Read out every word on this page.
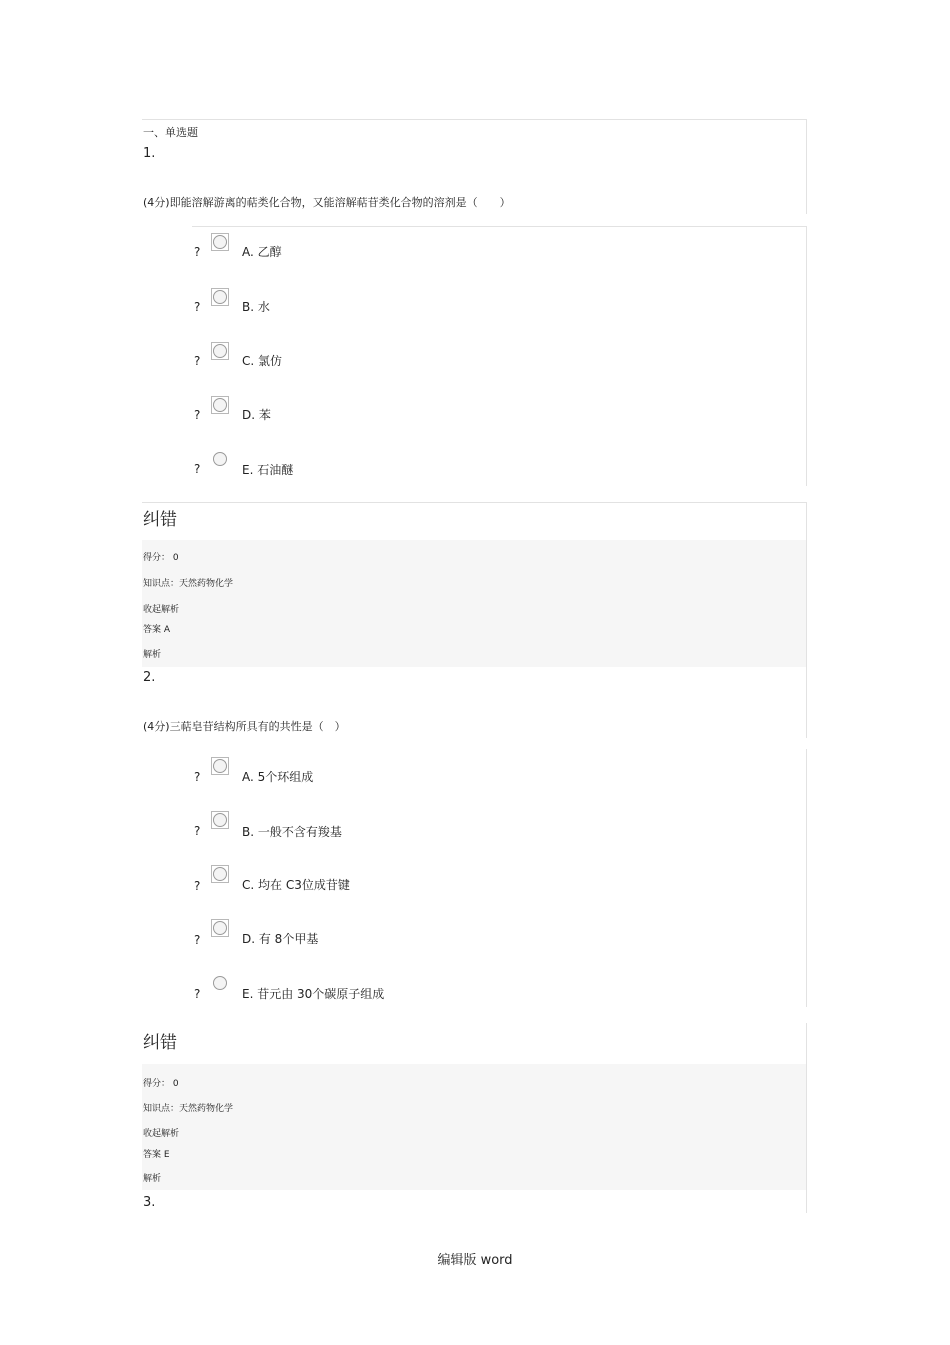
一、单选题
1.
(4分)即能溶解游离的萜类化合物，又能溶解萜苷类化合物的溶剂是（　　）
?	A. 乙醇
?	B. 水
?	C. 氯仿
?	D. 苯
?	E. 石油醚
纠错
得分： 0
知识点：天然药物化学
收起解析
答案 A
解析
2.
(4分)三萜皂苷结构所具有的共性是（　）
?	A. 5个环组成
?	B. 一般不含有羧基
?	C. 均在 C3位成苷键
?	D. 有 8个甲基
?	E. 苷元由 30个碳原子组成
纠错
得分： 0
知识点：天然药物化学
收起解析
答案 E
解析
3.
编辑版 word
